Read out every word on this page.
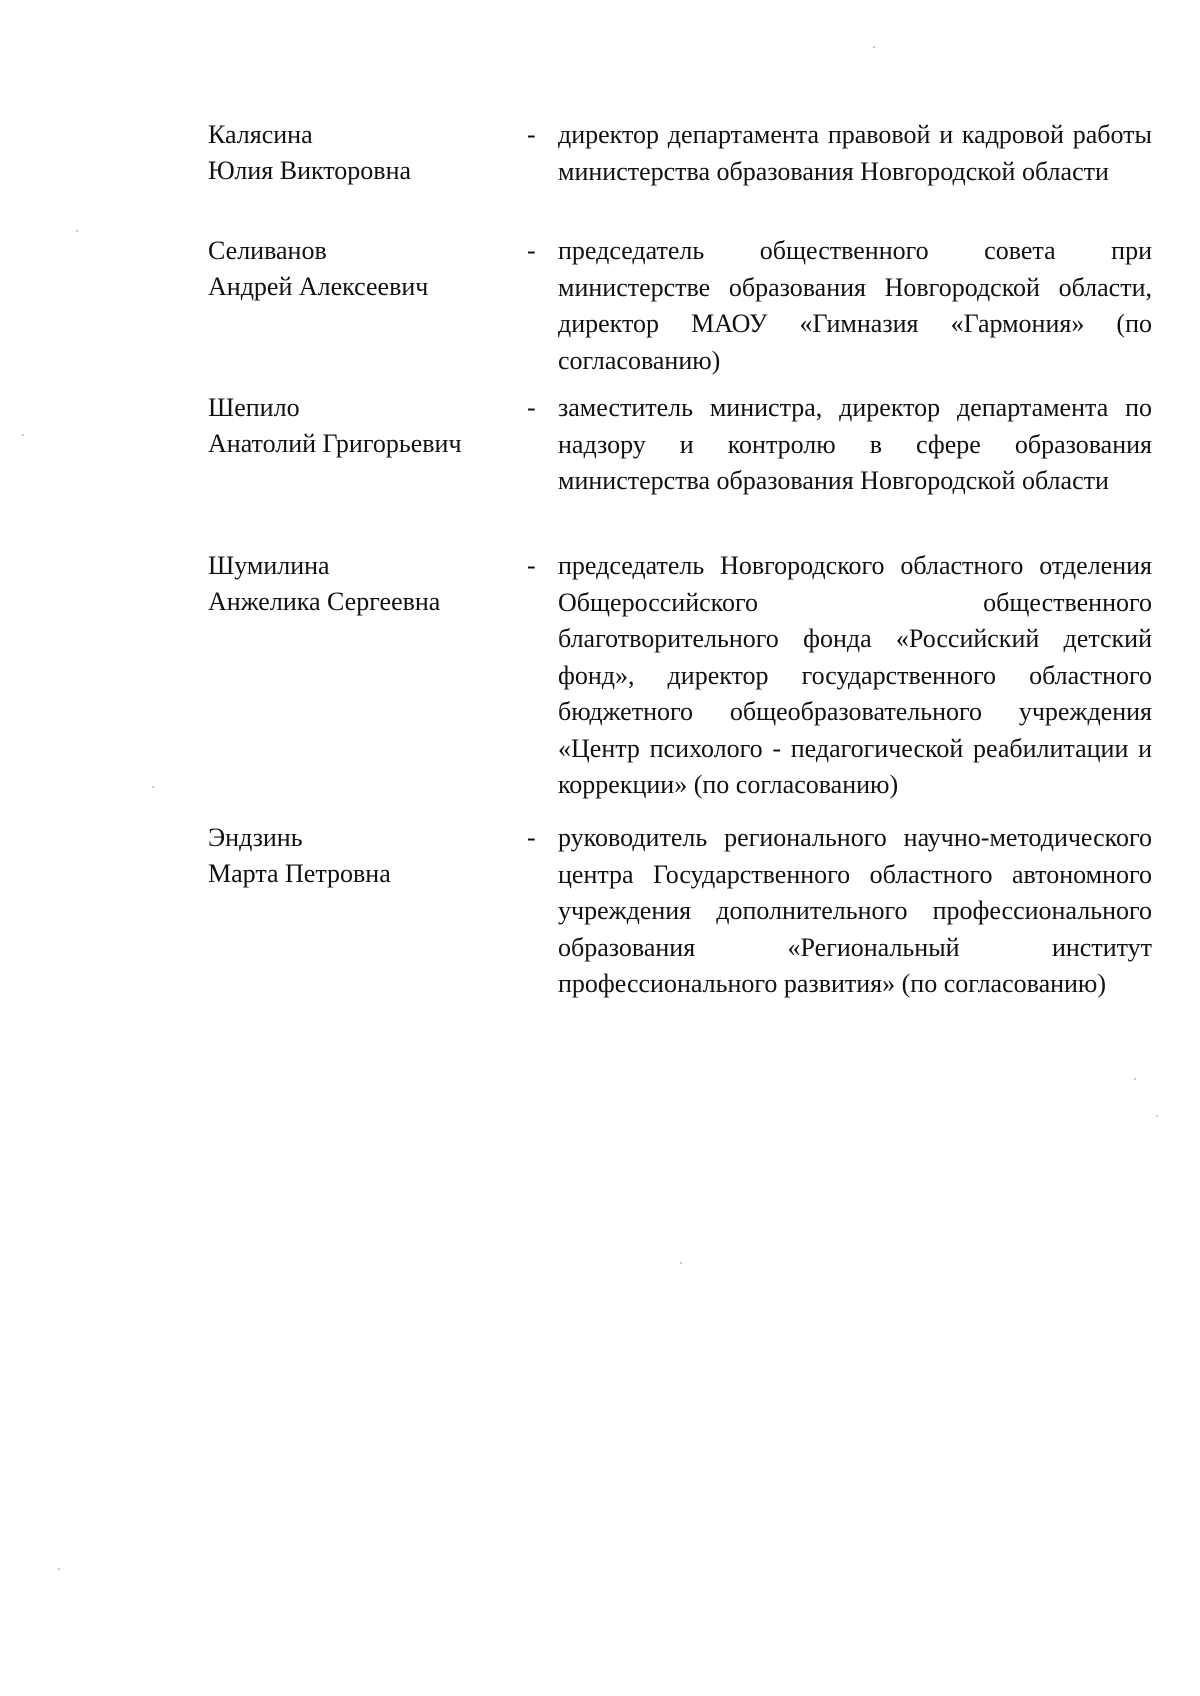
Калясина
Юлия Викторовна
- директор департамента правовой и кадровой работы министерства образования Новгородской области
Селиванов
Андрей Алексеевич
- председатель общественного совета при министерстве образования Новгородской области, директор МАОУ «Гимназия «Гармония» (по согласованию)
Шепило
Анатолий Григорьевич
- заместитель министра, директор департамента по надзору и контролю в сфере образования министерства образования Новгородской области
Шумилина
Анжелика Сергеевна
- председатель Новгородского областного отделения Общероссийского общественного благотворительного фонда «Российский детский фонд», директор государственного областного бюджетного общеобразовательного учреждения «Центр психолого - педагогической реабилитации и коррекции» (по согласованию)
Эндзинь
Марта Петровна
- руководитель регионального научно-методического центра Государственного областного автономного учреждения дополнительного профессионального образования «Региональный институт профессионального развития» (по согласованию)
